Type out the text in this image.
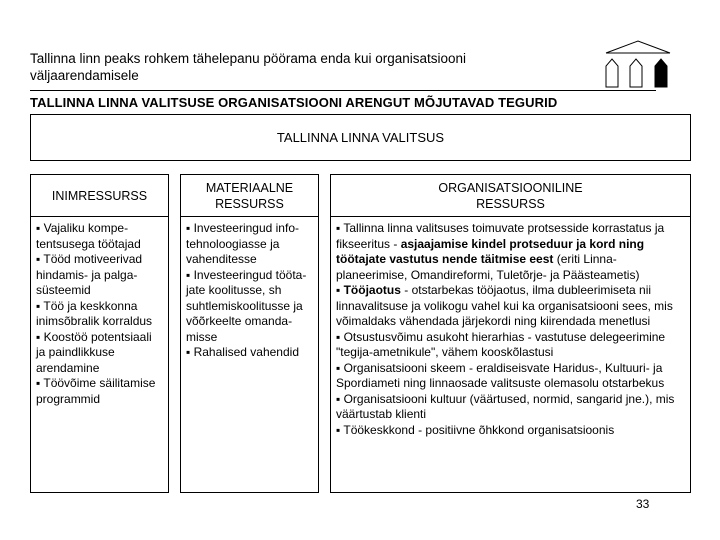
Tallinna linn peaks rohkem tähelepanu pöörama enda kui organisatsiooni
väljaarendamisele
TALLINNA LINNA VALITSUSE ORGANISATSIOONI ARENGUT MÕJUTAVAD TEGURID
TALLINNA LINNA VALITSUS
INIMRESSURSS

▪ Vajaliku kompe-tentsusega töötajad

▪ Tööd motiveerivad hindamis- ja palga-süsteemid

▪ Töö ja keskkonna inimsõbralik korraldus

▪ Koostöö potentsiaali ja paindlikkuse arendamine

▪ Töövõime säilitamise programmid

MATERIAALNE
RESSURSS

▪ Investeeringud info-tehnoloogiasse ja vahenditesse

▪ Investeeringud tööta-jate koolitusse, sh suhtlemiskoolitusse ja võõrkeelte omanda-misse

▪ Rahalised vahendid

ORGANISATSIOONILINE
RESSURSS

▪ Tallinna linna valitsuses toimuvate protsesside korrastatus ja fikseeritus - asjaajamise kindel protseduur ja kord ning töötajate vastutus nende täitmise eest (eriti Linna-planeerimise, Omandireformi, Tuletõrje- ja Päästeametis)

▪ Tööjaotus - otstarbekas tööjaotus, ilma dubleerimiseta nii linnavalitsuse ja volikogu vahel kui ka organisatsiooni sees, mis võimaldaks vähendada järjekordi ning kiirendada menetlusi

▪ Otsustusvõimu asukoht hierarhias - vastutuse delegeerimine "tegija-ametnikule", vähem kooskõlastusi

▪ Organisatsiooni skeem - eraldiseisvate Haridus-, Kultuuri- ja Spordiameti ning linnaosade valitsuste olemasolu otstarbekus

▪ Organisatsiooni kultuur (väärtused, normid, sangarid jne.), mis väärtustab klienti

▪ Töökeskkond - positiivne õhkkond organisatsioonis

33
